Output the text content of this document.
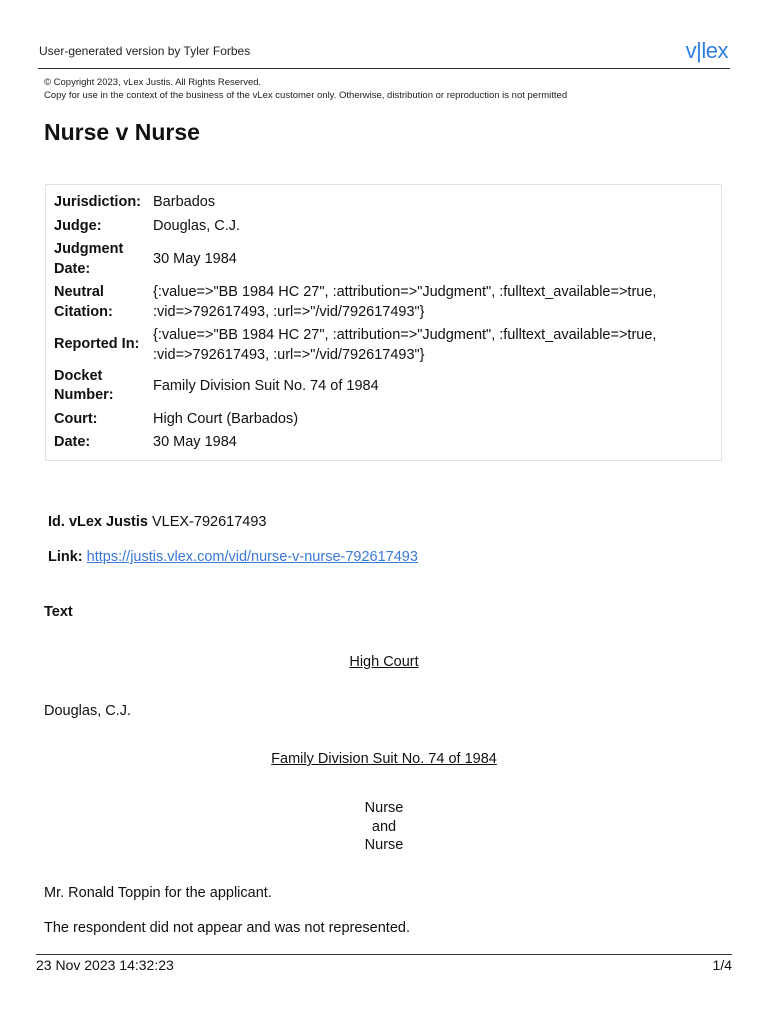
User-generated version by Tyler Forbes	v|lex
© Copyright 2023, vLex Justis. All Rights Reserved.
Copy for use in the context of the business of the vLex customer only. Otherwise, distribution or reproduction is not permitted
Nurse v Nurse
Jurisdiction: Barbados
Judge:	Douglas, C.J.
Judgment
Date:
30 May 1984
Neutral
Citation:
{:value=>"BB 1984 HC 27", :attribution=>"Judgment", :fulltext_available=>true,
:vid=>792617493, :url=>"/vid/792617493"}
Reported In:
{:value=>"BB 1984 HC 27", :attribution=>"Judgment", :fulltext_available=>true,
:vid=>792617493, :url=>"/vid/792617493"}
Docket
Number:
Family Division Suit No. 74 of 1984
Court:	High Court (Barbados)
Date:	30 May 1984
Id. vLex Justis VLEX-792617493
Link: https://justis.vlex.com/vid/nurse-v-nurse-792617493
Text
High Court
Douglas, C.J.
Family Division Suit No. 74 of 1984
Nurse
and
Nurse
Mr. Ronald Toppin for the applicant.
The respondent did not appear and was not represented.
23 Nov 2023 14:32:23	1/4
